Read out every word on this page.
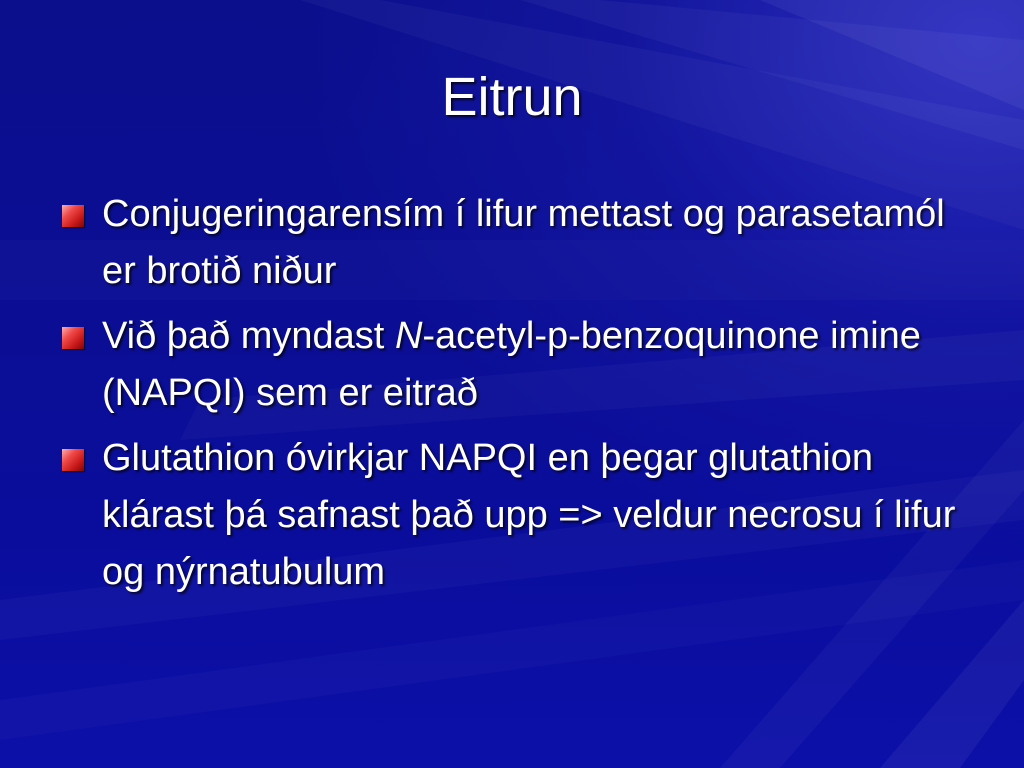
Eitrun
Conjugeringarensím í lifur mettast og parasetamól er brotið niður
Við það myndast N-acetyl-p-benzoquinone imine (NAPQI) sem er eitrað
Glutathion óvirkjar NAPQI en þegar glutathion klárast þá safnast það upp => veldur necrosu í lifur og nýrnatubulum
